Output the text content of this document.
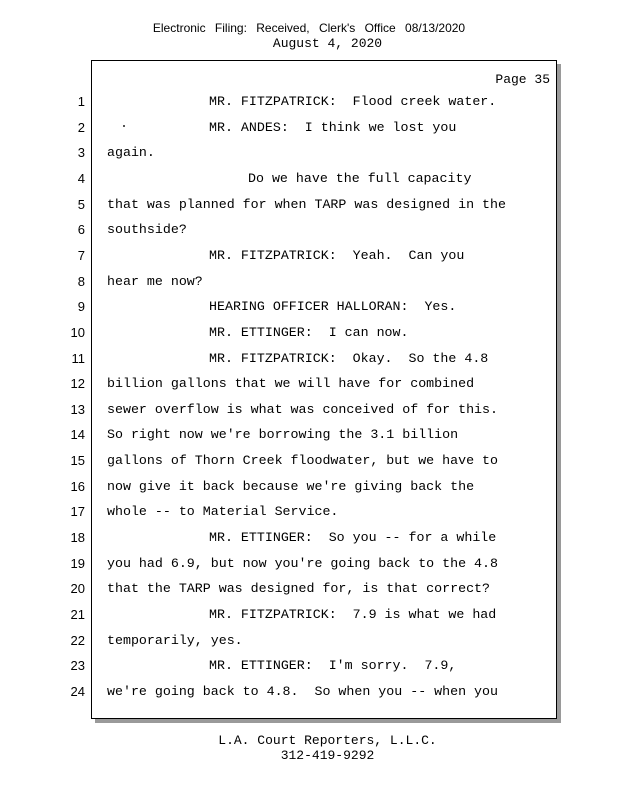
Electronic Filing: Received, Clerk's Office 08/13/2020
August 4, 2020
Page 35
1	MR. FITZPATRICK:  Flood creek water.
2	MR. ANDES:  I think we lost you
3 again.
4	Do we have the full capacity
5 that was planned for when TARP was designed in the
6 southside?
7	MR. FITZPATRICK:  Yeah.  Can you
8 hear me now?
9	HEARING OFFICER HALLORAN:  Yes.
10	MR. ETTINGER:  I can now.
11	MR. FITZPATRICK:  Okay.  So the 4.8
12 billion gallons that we will have for combined
13 sewer overflow is what was conceived of for this.
14 So right now we're borrowing the 3.1 billion
15 gallons of Thorn Creek floodwater, but we have to
16 now give it back because we're giving back the
17 whole -- to Material Service.
18	MR. ETTINGER:  So you -- for a while
19 you had 6.9, but now you're going back to the 4.8
20 that the TARP was designed for, is that correct?
21	MR. FITZPATRICK:  7.9 is what we had
22 temporarily, yes.
23	MR. ETTINGER:  I'm sorry.  7.9,
24 we're going back to 4.8.  So when you -- when you
L.A. Court Reporters, L.L.C.
312-419-9292
